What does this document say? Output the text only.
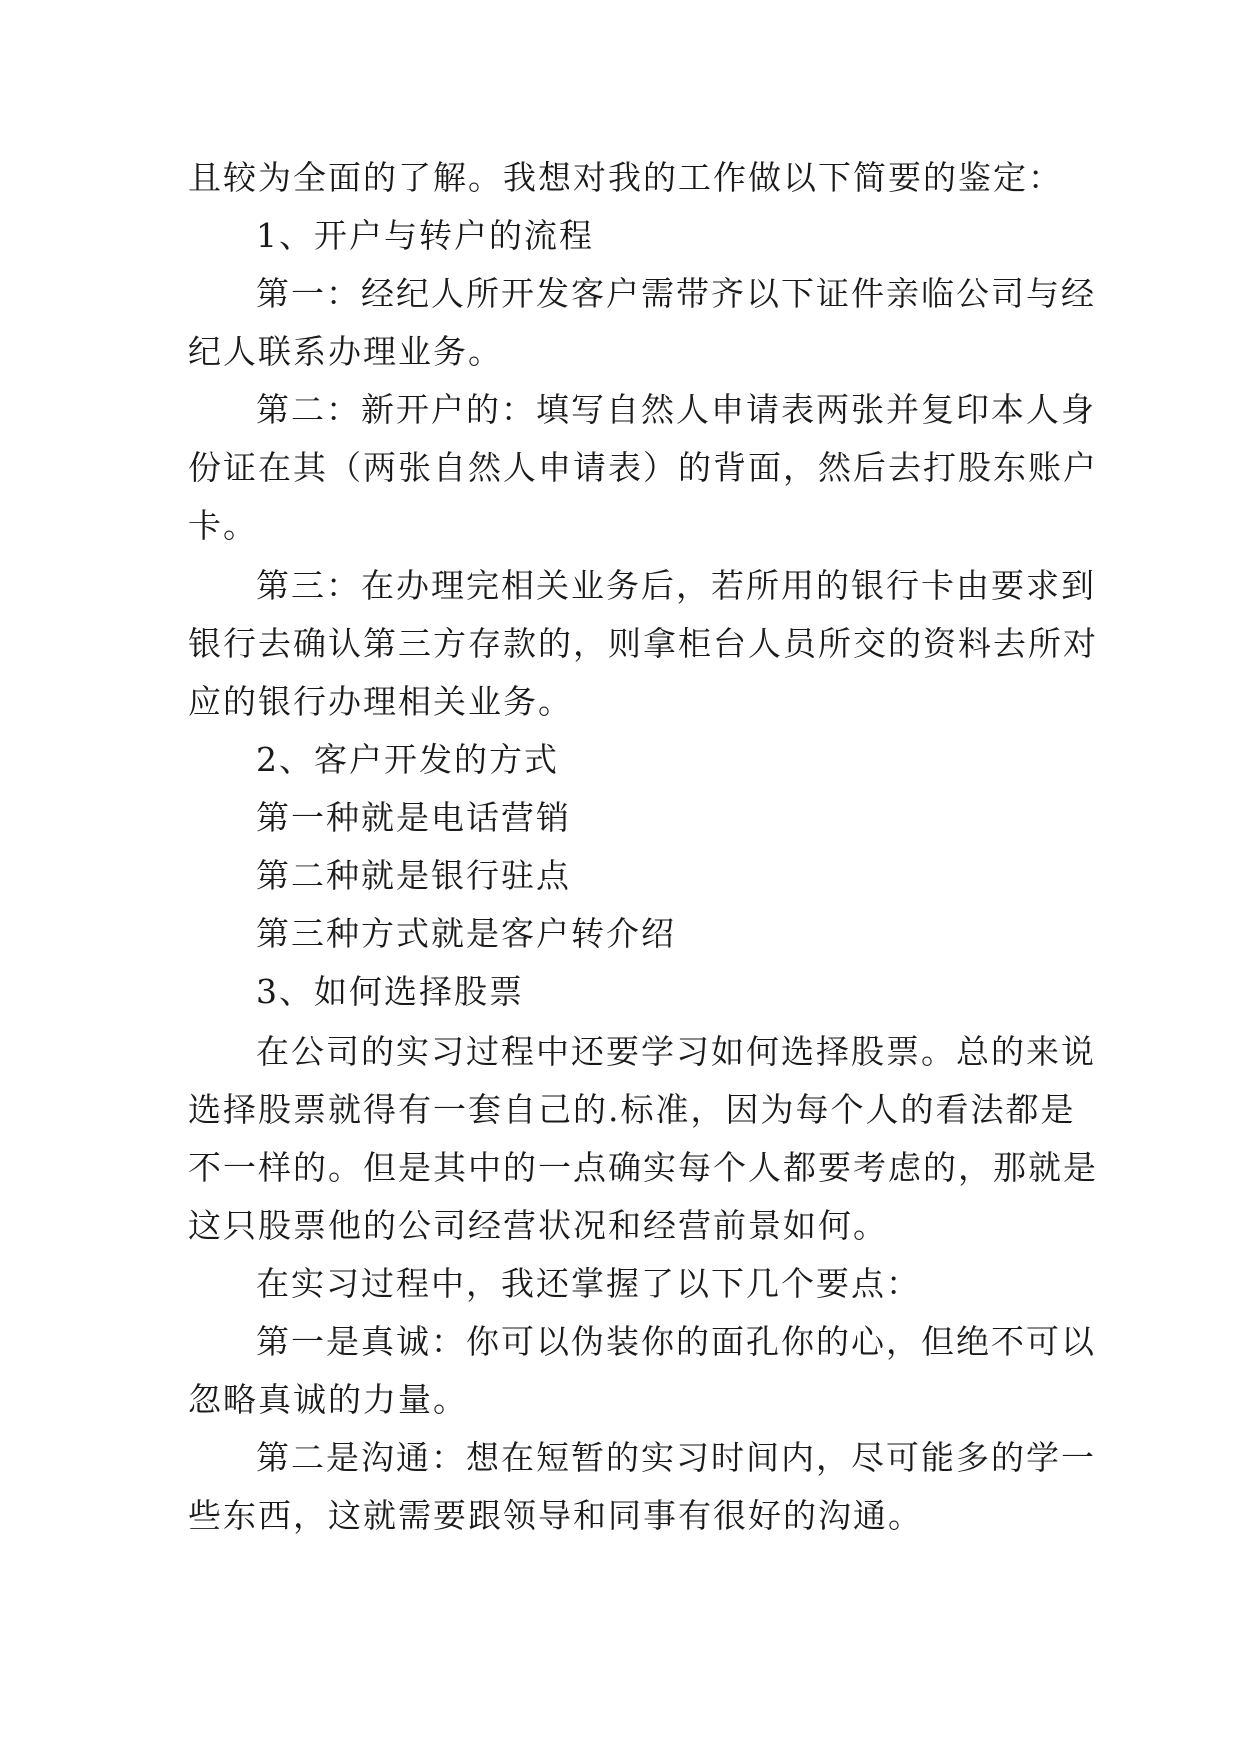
且较为全面的了解。我想对我的工作做以下简要的鉴定：
1、开户与转户的流程
第一：经纪人所开发客户需带齐以下证件亲临公司与经
纪人联系办理业务。
第二：新开户的：填写自然人申请表两张并复印本人身
份证在其（两张自然人申请表）的背面，然后去打股东账户
卡。
第三：在办理完相关业务后，若所用的银行卡由要求到
银行去确认第三方存款的，则拿柜台人员所交的资料去所对
应的银行办理相关业务。
2、客户开发的方式
第一种就是电话营销
第二种就是银行驻点
第三种方式就是客户转介绍
3、如何选择股票
在公司的实习过程中还要学习如何选择股票。总的来说
选择股票就得有一套自己的.标准，因为每个人的看法都是
不一样的。但是其中的一点确实每个人都要考虑的，那就是
这只股票他的公司经营状况和经营前景如何。
在实习过程中，我还掌握了以下几个要点：
第一是真诚：你可以伪装你的面孔你的心，但绝不可以
忽略真诚的力量。
第二是沟通：想在短暂的实习时间内，尽可能多的学一
些东西，这就需要跟领导和同事有很好的沟通。
